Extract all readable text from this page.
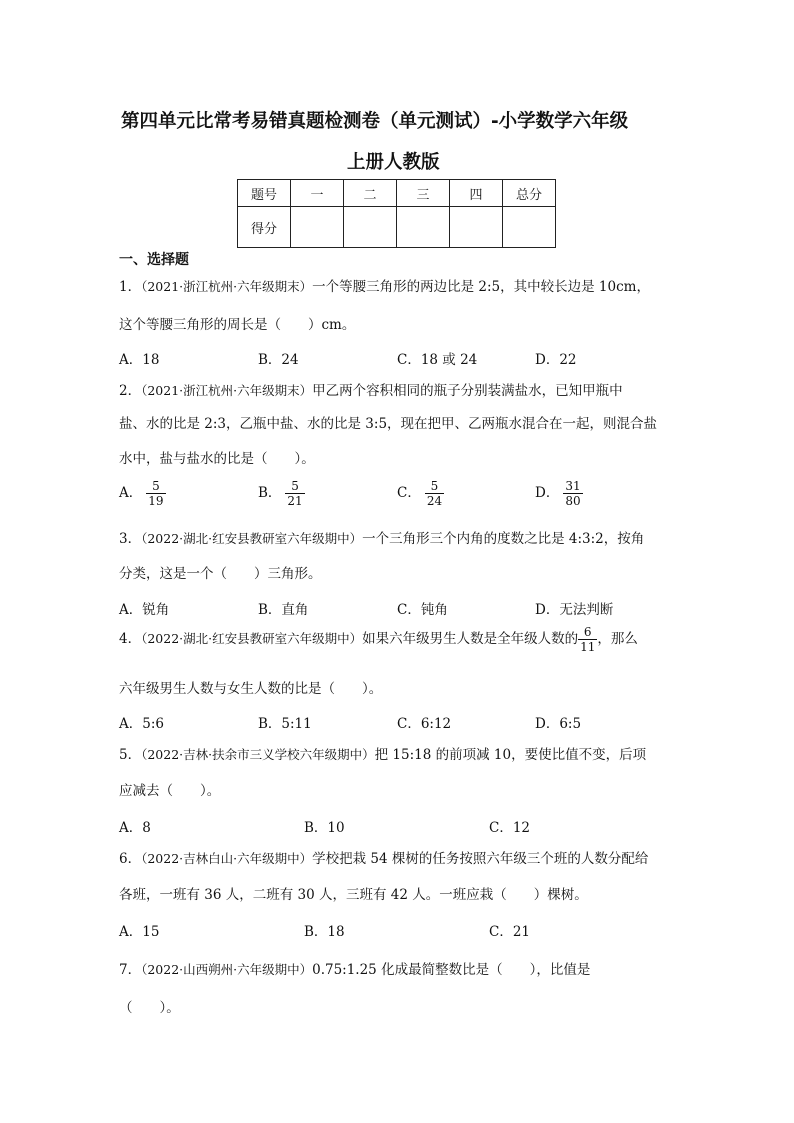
第四单元比常考易错真题检测卷（单元测试）-小学数学六年级
上册人教版
题号	一	二	三	四	总分
得分					
一、选择题
1．（2021·浙江杭州·六年级期末）一个等腰三角形的两边比是 2:5，其中较长边是 10cm，
这个等腰三角形的周长是（　　）cm。
A．18	B．24	C．18 或 24	D．22
2．（2021·浙江杭州·六年级期末）甲乙两个容积相同的瓶子分别装满盐水，已知甲瓶中
盐、水的比是 2:3，乙瓶中盐、水的比是 3:5，现在把甲、乙两瓶水混合在一起，则混合盐
水中，盐与盐水的比是（　　）。
A． $\frac{5}{19}$	B． $\frac{5}{21}$	C． $\frac{5}{24}$	D． $\frac{31}{80}$
3．（2022·湖北·红安县教研室六年级期中）一个三角形三个内角的度数之比是 4:3:2，按角
分类，这是一个（　　）三角形。
A．锐角	B．直角	C．钝角	D．无法判断
4．（2022·湖北·红安县教研室六年级期中）如果六年级男生人数是全年级人数的 $\frac{6}{11}$ ，那么
六年级男生人数与女生人数的比是（　　）。
A．5:6	B．5:11	C．6:12	D．6:5
5．（2022·吉林·扶余市三义学校六年级期中）把 15:18 的前项减 10，要使比值不变，后项
应减去（　　）。
A．8	B．10	C．12
6．（2022·吉林白山·六年级期中）学校把栽 54 棵树的任务按照六年级三个班的人数分配给
各班，一班有 36 人，二班有 30 人，三班有 42 人。一班应栽（　　）棵树。
A．15	B．18	C．21
7．（2022·山西朔州·六年级期中）0.75:1.25 化成最简整数比是（　　），比值是
（　　）。
